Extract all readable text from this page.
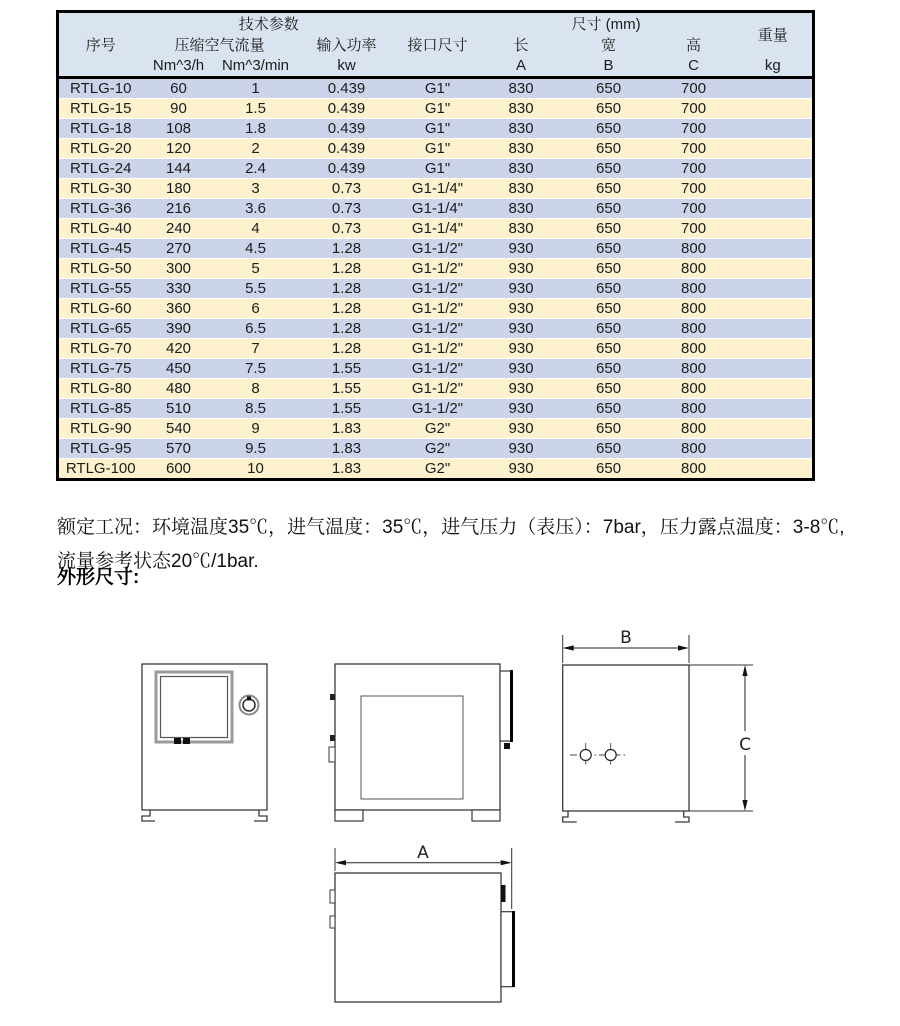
技术参数					尺寸 (mm)			重量
序号	压缩空气流量		输入功率	接口尺寸	长	宽	高	
	Nm^3/h	Nm^3/min	kw		A	B	C	kg
RTLG-10	60	1	0.439	G1"	830	650	700	
RTLG-15	90	1.5	0.439	G1"	830	650	700	
RTLG-18	108	1.8	0.439	G1"	830	650	700	
RTLG-20	120	2	0.439	G1"	830	650	700	
RTLG-24	144	2.4	0.439	G1"	830	650	700	
RTLG-30	180	3	0.73	G1-1/4"	830	650	700	
RTLG-36	216	3.6	0.73	G1-1/4"	830	650	700	
RTLG-40	240	4	0.73	G1-1/4"	830	650	700	
RTLG-45	270	4.5	1.28	G1-1/2"	930	650	800	
RTLG-50	300	5	1.28	G1-1/2"	930	650	800	
RTLG-55	330	5.5	1.28	G1-1/2"	930	650	800	
RTLG-60	360	6	1.28	G1-1/2"	930	650	800	
RTLG-65	390	6.5	1.28	G1-1/2"	930	650	800	
RTLG-70	420	7	1.28	G1-1/2"	930	650	800	
RTLG-75	450	7.5	1.55	G1-1/2"	930	650	800	
RTLG-80	480	8	1.55	G1-1/2"	930	650	800	
RTLG-85	510	8.5	1.55	G1-1/2"	930	650	800	
RTLG-90	540	9	1.83	G2"	930	650	800	
RTLG-95	570	9.5	1.83	G2"	930	650	800	
RTLG-100	600	10	1.83	G2"	930	650	800	

额定工况：环境温度35℃，进气温度：35℃，进气压力（表压）：7bar，压力露点温度：3-8℃,流量参考状态20℃/1bar.

外形尺寸:
B
C
A
